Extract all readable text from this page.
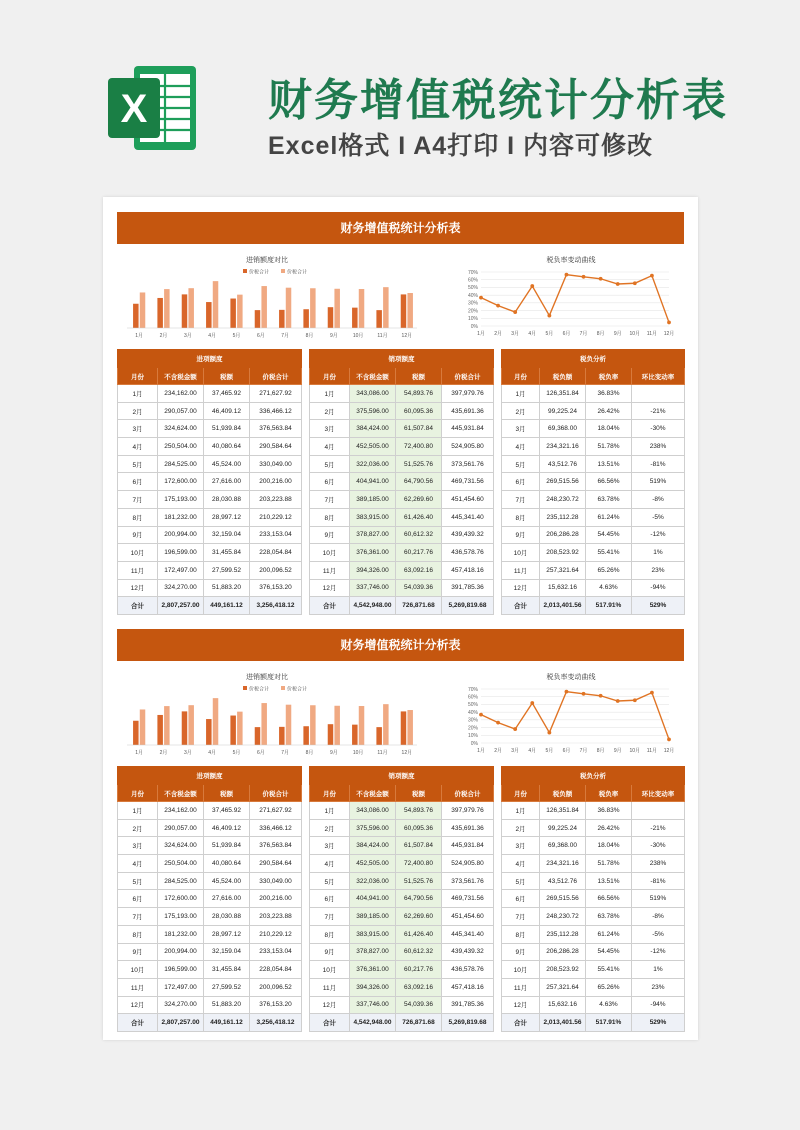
X	财务增值税统计分析表
Excel格式 I A4打印 I 内容可修改
财务增值税统计分析表
进销额度对比
价税合计	价税合计
1月	2月	3月	4月	5月	6月	7月	8月	9月	10月	11月	12月
税负率变动曲线
0%
10%
20%
30%
40%
50%
60%
70%
1月 2月 3月 4月 5月 6月 7月 8月 9月 10月 11月 12月
进项额度			
月份	不含税金额	税额	价税合计
1月	234,162.00	37,465.92	271,627.92
2月	290,057.00	46,409.12	336,466.12
3月	324,624.00	51,939.84	376,563.84
4月	250,504.00	40,080.64	290,584.64
5月	284,525.00	45,524.00	330,049.00
6月	172,600.00	27,616.00	200,216.00
7月	175,193.00	28,030.88	203,223.88
8月	181,232.00	28,997.12	210,229.12
9月	200,994.00	32,159.04	233,153.04
10月	196,599.00	31,455.84	228,054.84
11月	172,497.00	27,599.52	200,096.52
12月	324,270.00	51,883.20	376,153.20
合计	2,807,257.00	449,161.12	3,256,418.12
销项额度			
月份	不含税金额	税额	价税合计
1月	343,086.00	54,893.76	397,979.76
2月	375,596.00	60,095.36	435,691.36
3月	384,424.00	61,507.84	445,931.84
4月	452,505.00	72,400.80	524,905.80
5月	322,036.00	51,525.76	373,561.76
6月	404,941.00	64,790.56	469,731.56
7月	389,185.00	62,269.60	451,454.60
8月	383,915.00	61,426.40	445,341.40
9月	378,827.00	60,612.32	439,439.32
10月	376,361.00	60,217.76	436,578.76
11月	394,326.00	63,092.16	457,418.16
12月	337,746.00	54,039.36	391,785.36
合计	4,542,948.00	726,871.68	5,269,819.68
税负分析			
月份	税负额	税负率	环比变动率
1月	126,351.84	36.83%	
2月	99,225.24	26.42%	-21%
3月	69,368.00	18.04%	-30%
4月	234,321.16	51.78%	238%
5月	43,512.76	13.51%	-81%
6月	269,515.56	66.56%	519%
7月	248,230.72	63.78%	-8%
8月	235,112.28	61.24%	-5%
9月	206,286.28	54.45%	-12%
10月	208,523.92	55.41%	1%
11月	257,321.64	65.26%	23%
12月	15,632.16	4.63%	-94%
合计	2,013,401.56	517.91%	529%
财务增值税统计分析表
进销额度对比
价税合计	价税合计
1月	2月	3月	4月	5月	6月	7月	8月	9月	10月	11月	12月
税负率变动曲线
0%
10%
20%
30%
40%
50%
60%
70%
1月 2月 3月 4月 5月 6月 7月 8月 9月 10月 11月 12月
进项额度			
月份	不含税金额	税额	价税合计
1月	234,162.00	37,465.92	271,627.92
2月	290,057.00	46,409.12	336,466.12
3月	324,624.00	51,939.84	376,563.84
4月	250,504.00	40,080.64	290,584.64
5月	284,525.00	45,524.00	330,049.00
6月	172,600.00	27,616.00	200,216.00
7月	175,193.00	28,030.88	203,223.88
8月	181,232.00	28,997.12	210,229.12
9月	200,994.00	32,159.04	233,153.04
10月	196,599.00	31,455.84	228,054.84
11月	172,497.00	27,599.52	200,096.52
12月	324,270.00	51,883.20	376,153.20
合计	2,807,257.00	449,161.12	3,256,418.12
销项额度			
月份	不含税金额	税额	价税合计
1月	343,086.00	54,893.76	397,979.76
2月	375,596.00	60,095.36	435,691.36
3月	384,424.00	61,507.84	445,931.84
4月	452,505.00	72,400.80	524,905.80
5月	322,036.00	51,525.76	373,561.76
6月	404,941.00	64,790.56	469,731.56
7月	389,185.00	62,269.60	451,454.60
8月	383,915.00	61,426.40	445,341.40
9月	378,827.00	60,612.32	439,439.32
10月	376,361.00	60,217.76	436,578.76
11月	394,326.00	63,092.16	457,418.16
12月	337,746.00	54,039.36	391,785.36
合计	4,542,948.00	726,871.68	5,269,819.68
税负分析			
月份	税负额	税负率	环比变动率
1月	126,351.84	36.83%	
2月	99,225.24	26.42%	-21%
3月	69,368.00	18.04%	-30%
4月	234,321.16	51.78%	238%
5月	43,512.76	13.51%	-81%
6月	269,515.56	66.56%	519%
7月	248,230.72	63.78%	-8%
8月	235,112.28	61.24%	-5%
9月	206,286.28	54.45%	-12%
10月	208,523.92	55.41%	1%
11月	257,321.64	65.26%	23%
12月	15,632.16	4.63%	-94%
合计	2,013,401.56	517.91%	529%
